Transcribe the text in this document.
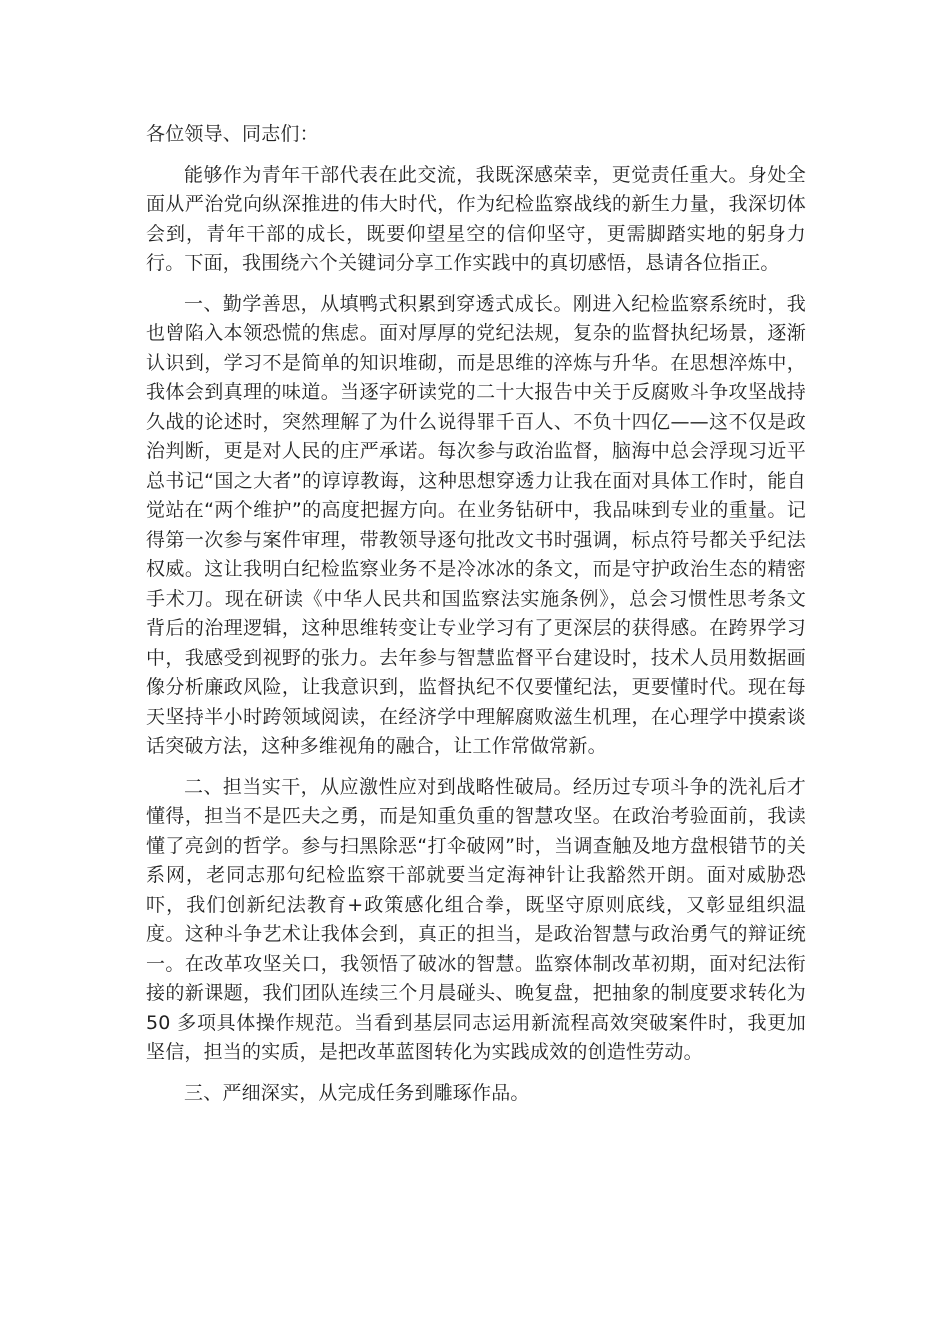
各位领导、同志们：

能够作为青年干部代表在此交流，我既深感荣幸，更觉责任重大。身处全面从严治党向纵深推进的伟大时代，作为纪检监察战线的新生力量，我深切体会到，青年干部的成长，既要仰望星空的信仰坚守，更需脚踏实地的躬身力行。下面，我围绕六个关键词分享工作实践中的真切感悟，恳请各位指正。

一、勤学善思，从填鸭式积累到穿透式成长。刚进入纪检监察系统时，我也曾陷入本领恐慌的焦虑。面对厚厚的党纪法规，复杂的监督执纪场景，逐渐认识到，学习不是简单的知识堆砌，而是思维的淬炼与升华。在思想淬炼中，我体会到真理的味道。当逐字研读党的二十大报告中关于反腐败斗争攻坚战持久战的论述时，突然理解了为什么说得罪千百人、不负十四亿——这不仅是政治判断，更是对人民的庄严承诺。每次参与政治监督，脑海中总会浮现习近平总书记“国之大者”的谆谆教诲，这种思想穿透力让我在面对具体工作时，能自觉站在“两个维护”的高度把握方向。在业务钻研中，我品味到专业的重量。记得第一次参与案件审理，带教领导逐句批改文书时强调，标点符号都关乎纪法权威。这让我明白纪检监察业务不是冷冰冰的条文，而是守护政治生态的精密手术刀。现在研读《中华人民共和国监察法实施条例》，总会习惯性思考条文背后的治理逻辑，这种思维转变让专业学习有了更深层的获得感。在跨界学习中，我感受到视野的张力。去年参与智慧监督平台建设时，技术人员用数据画像分析廉政风险，让我意识到，监督执纪不仅要懂纪法，更要懂时代。现在每天坚持半小时跨领域阅读，在经济学中理解腐败滋生机理，在心理学中摸索谈话突破方法，这种多维视角的融合，让工作常做常新。

二、担当实干，从应激性应对到战略性破局。经历过专项斗争的洗礼后才懂得，担当不是匹夫之勇，而是知重负重的智慧攻坚。在政治考验面前，我读懂了亮剑的哲学。参与扫黑除恶“打伞破网”时，当调查触及地方盘根错节的关系网，老同志那句纪检监察干部就要当定海神针让我豁然开朗。面对威胁恐吓，我们创新纪法教育+政策感化组合拳，既坚守原则底线，又彰显组织温度。这种斗争艺术让我体会到，真正的担当，是政治智慧与政治勇气的辩证统一。在改革攻坚关口，我领悟了破冰的智慧。监察体制改革初期，面对纪法衔接的新课题，我们团队连续三个月晨碰头、晚复盘，把抽象的制度要求转化为 50 多项具体操作规范。当看到基层同志运用新流程高效突破案件时，我更加坚信，担当的实质，是把改革蓝图转化为实践成效的创造性劳动。

三、严细深实，从完成任务到雕琢作品。
